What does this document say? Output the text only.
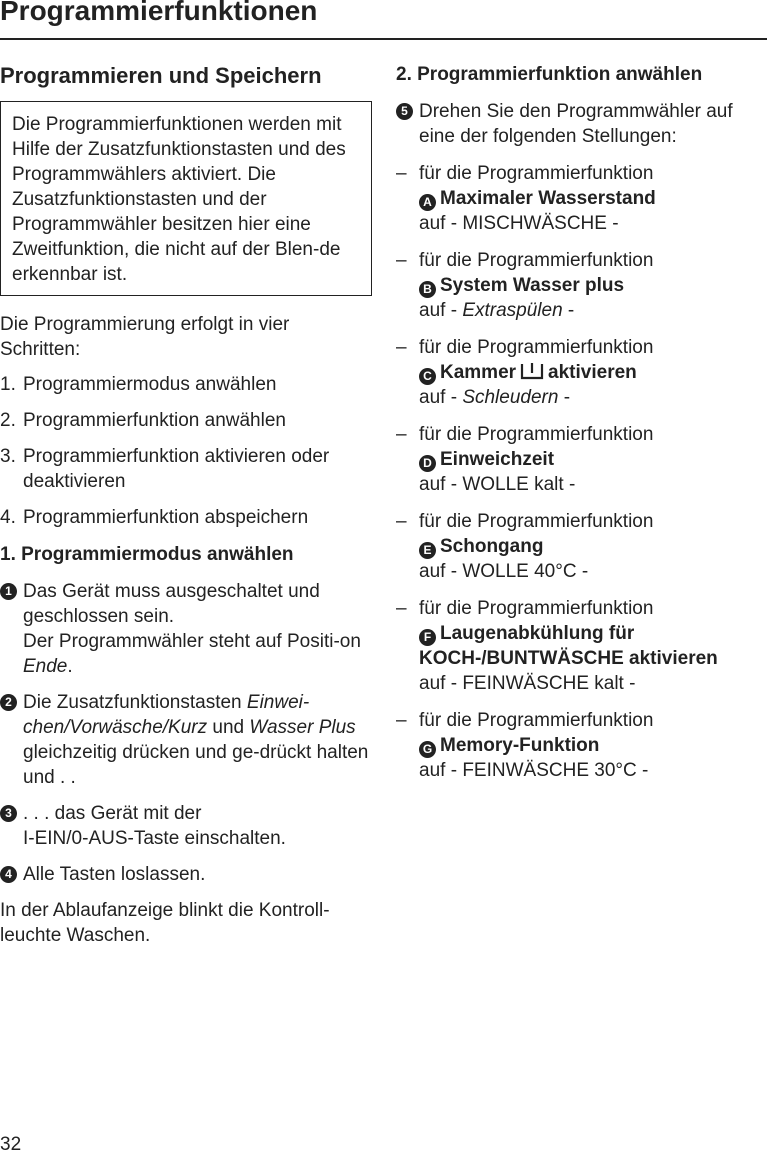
Programmierfunktionen
Programmieren und Speichern

Die Programmierfunktionen werden mit Hilfe der Zusatzfunktionstasten und des Programmwählers aktiviert. Die Zusatzfunktionstasten und der Programmwähler besitzen hier eine Zweitfunktion, die nicht auf der Blen-de erkennbar ist.

Die Programmierung erfolgt in vier Schritten:

1. Programmiermodus anwählen
2. Programmierfunktion anwählen
3. Programmierfunktion aktivieren oder deaktivieren
4. Programmierfunktion abspeichern
1. Programmiermodus anwählen
1 Das Gerät muss ausgeschaltet und geschlossen sein.
Der Programmwähler steht auf Positi-on Ende.
2 Die Zusatzfunktionstasten Einwei-chen/Vorwäsche/Kurz und Wasser Plus gleichzeitig drücken und ge-drückt halten und . .
3 . . . das Gerät mit der
I-EIN/0-AUS-Taste einschalten.
4 Alle Tasten loslassen.

In der Ablaufanzeige blinkt die Kontroll-leuchte Waschen.

2. Programmierfunktion anwählen
5 Drehen Sie den Programmwähler auf eine der folgenden Stellungen:
– für die Programmierfunktion
A Maximaler Wasserstand
auf - MISCHWÄSCHE -
– für die Programmierfunktion
B System Wasser plus
auf - Extraspülen -
– für die Programmierfunktion
C Kammer aktivieren
auf - Schleudern -
– für die Programmierfunktion
D Einweichzeit
auf - WOLLE kalt -
– für die Programmierfunktion
E Schongang
auf - WOLLE 40°C -
– für die Programmierfunktion
F Laugenabkühlung für
KOCH-/BUNTWÄSCHE aktivieren
auf - FEINWÄSCHE kalt -
– für die Programmierfunktion
G Memory-Funktion
auf - FEINWÄSCHE 30°C -
32
